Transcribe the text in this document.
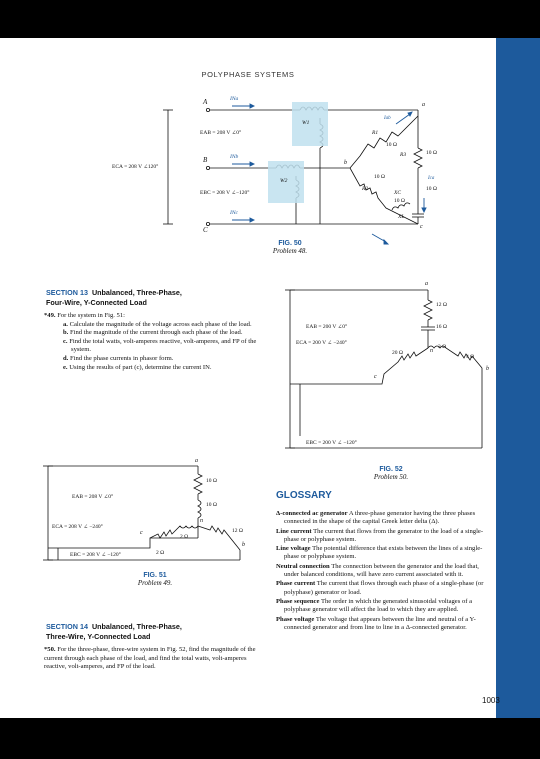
POLYPHASE SYSTEMS
A
B
C
a
b
c
INa
INb
INc
EAB = 208 V ∠0°
EBC = 208 V ∠−120°
ECA = 208 V ∠120°
W1
W2
R1
10 Ω
R3	10 Ω
R2
10 Ω
XC
10 Ω
10 Ω
XL
Iab
Ica
FIG. 50
Problem 48.
a
n
c
b
EAB = 200 V ∠0°
ECA = 200 V ∠ −240°
EBC = 200 V ∠ −120°
12 Ω
16 Ω
20 Ω
3 Ω
4 Ω
FIG. 52
Problem 50.
a
n
c
b
EAB = 208 V ∠0°
ECA = 208 V ∠ −240°
EBC = 208 V ∠ −120°
10 Ω
10 Ω
2 Ω
2 Ω
12 Ω
FIG. 51
Problem 49.
SECTION 13 Unbalanced, Three-Phase,
Four-Wire, Y-Connected Load
*49. For the system in Fig. 51:
a. Calculate the magnitude of the voltage across each phase of the load.
b. Find the magnitude of the current through each phase of the load.
c. Find the total watts, volt-amperes reactive, volt-amperes, and FP of the system.
d. Find the phase currents in phasor form.
e. Using the results of part (c), determine the current IN.
SECTION 14 Unbalanced, Three-Phase,
Three-Wire, Y-Connected Load
*50. For the three-phase, three-wire system in Fig. 52, find the magnitude of the current through each phase of the load, and find the total watts, volt-amperes reactive, volt-amperes, and FP of the load.
GLOSSARY

Δ-connected ac generator A three-phase generator having the three phases connected in the shape of the capital Greek letter delta (Δ).

Line current The current that flows from the generator to the load of a single-phase or polyphase system.

Line voltage The potential difference that exists between the lines of a single-phase or polyphase system.

Neutral connection The connection between the generator and the load that, under balanced conditions, will have zero current associated with it.

Phase current The current that flows through each phase of a single-phase (or polyphase) generator or load.

Phase sequence The order in which the generated sinusoidal voltages of a polyphase generator will affect the load to which they are applied.

Phase voltage The voltage that appears between the line and neutral of a Y-connected generator and from line to line in a Δ-connected generator.

1003
